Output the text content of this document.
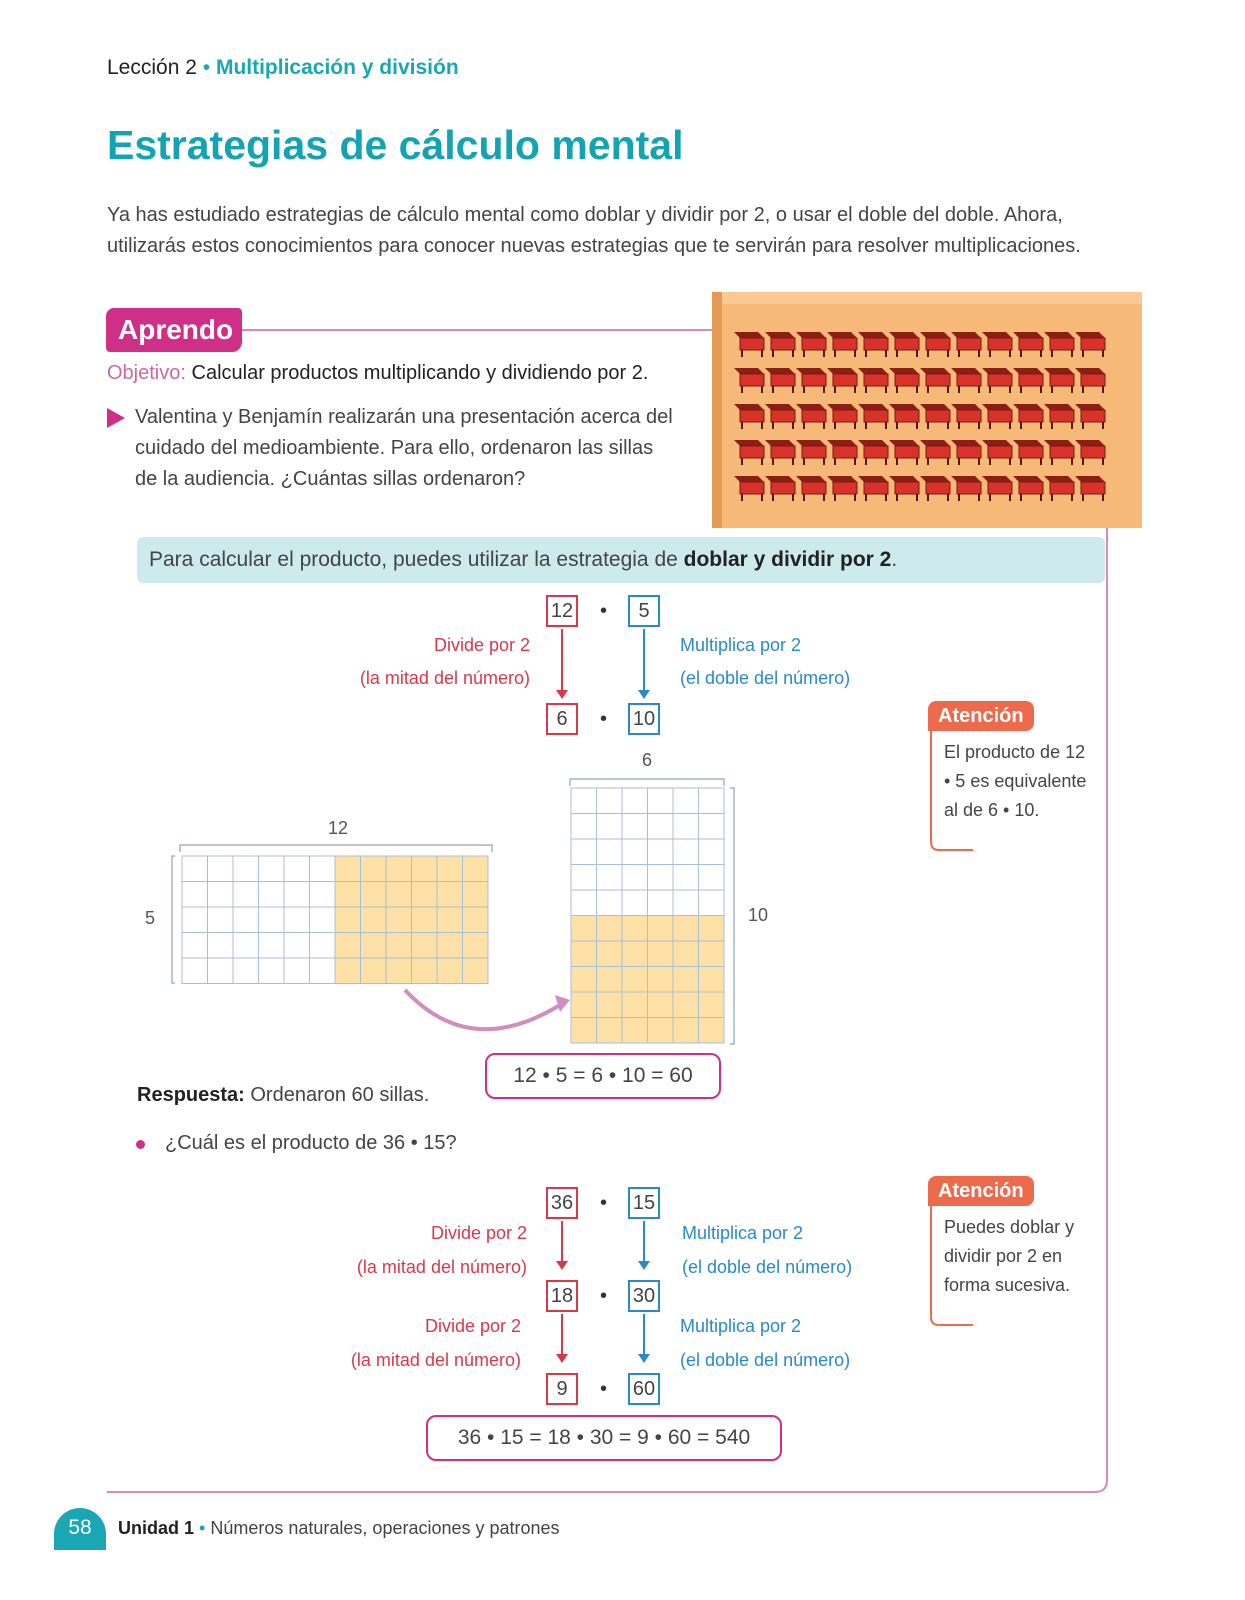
Lección 2 • Multiplicación y división
Estrategias de cálculo mental
Ya has estudiado estrategias de cálculo mental como doblar y dividir por 2, o usar el doble del doble. Ahora, utilizarás estos conocimientos para conocer nuevas estrategias que te servirán para resolver multiplicaciones.
Aprendo
Objetivo: Calcular productos multiplicando y dividiendo por 2.
Valentina y Benjamín realizarán una presentación acerca del cuidado del medioambiente. Para ello, ordenaron las sillas de la audiencia. ¿Cuántas sillas ordenaron?
Para calcular el producto, puedes utilizar la estrategia de doblar y dividir por 2.
12 •	5
6	• 10
Divide por 2
(la mitad del número)
Multiplica por 2
(el doble del número)
12
5
6
10
12 • 5 = 6 • 10 = 60
Atención
El producto de 12 • 5 es equivalente al de 6 • 10.
Respuesta: Ordenaron 60 sillas.
¿Cuál es el producto de 36 • 15?
36 • 15
18 • 30
9	• 60
Divide por 2
(la mitad del número)
Multiplica por 2
(el doble del número)
Divide por 2
(la mitad del número)
Multiplica por 2
(el doble del número)
36 • 15 = 18 • 30 = 9 • 60 = 540
Atención
Puedes doblar y dividir por 2 en forma sucesiva.
58	Unidad 1 • Números naturales, operaciones y patrones
